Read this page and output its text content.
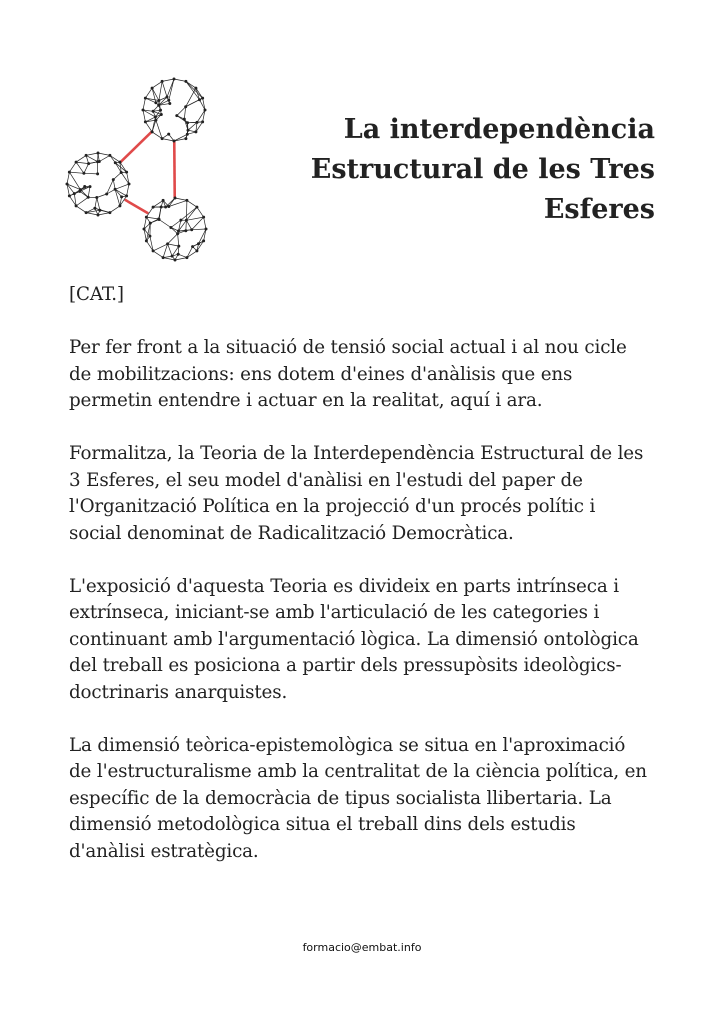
La interdependència
Estructural de les Tres
Esferes

[CAT.]

Per fer front a la situació de tensió social actual i al nou cicle
de mobilitzacions: ens dotem d'eines d'anàlisis que ens
permetin entendre i actuar en la realitat, aquí i ara.

Formalitza, la Teoria de la Interdependència Estructural de les
3 Esferes, el seu model d'anàlisi en l'estudi del paper de
l'Organització Política en la projecció d'un procés polític i
social denominat de Radicalització Democràtica.

L'exposició d'aquesta Teoria es divideix en parts intrínseca i
extrínseca, iniciant-se amb l'articulació de les categories i
continuant amb l'argumentació lògica. La dimensió ontològica
del treball es posiciona a partir dels pressupòsits ideològics-
doctrinaris anarquistes.

La dimensió teòrica-epistemològica se situa en l'aproximació
de l'estructuralisme amb la centralitat de la ciència política, en
específic de la democràcia de tipus socialista llibertaria. La
dimensió metodològica situa el treball dins dels estudis
d'anàlisi estratègica.

formacio@embat.info
